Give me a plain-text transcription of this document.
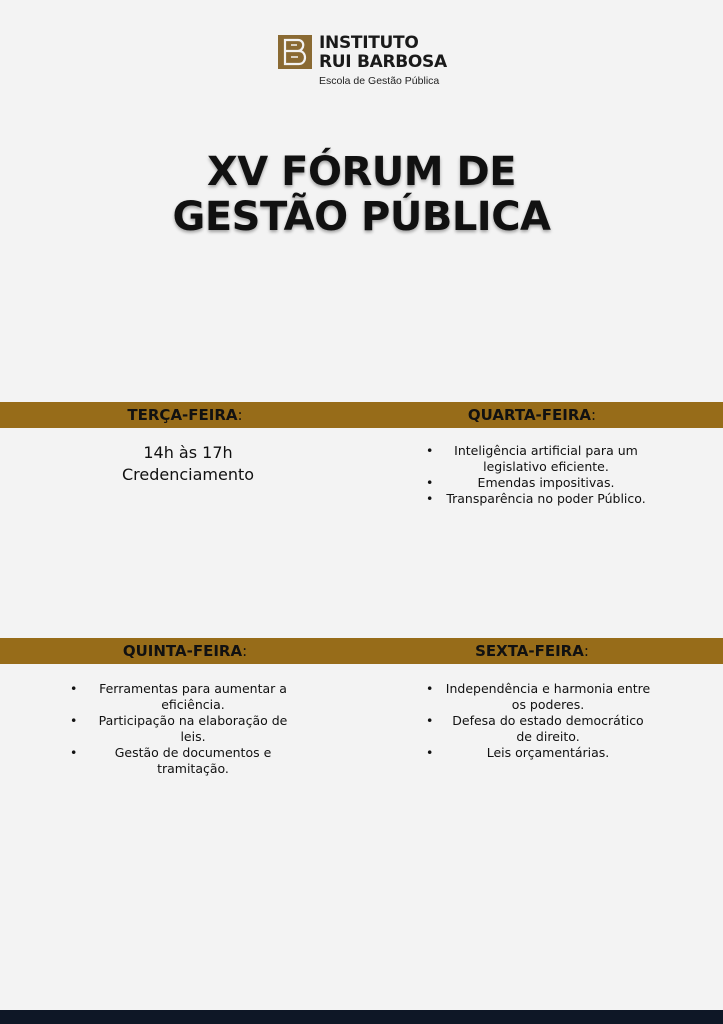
INSTITUTO
RUI BARBOSA
Escola de Gestão Pública
XV FÓRUM DE
GESTÃO PÚBLICA
TERÇA-FEIRA:	QUARTA-FEIRA:
14h às 17h
Credenciamento
• Inteligência artificial para um legislativo eficiente.
• Emendas impositivas.
• Transparência no poder Público.
QUINTA-FEIRA:	SEXTA-FEIRA:
• Ferramentas para aumentar a eficiência.
• Participação na elaboração de leis.
• Gestão de documentos e tramitação.
• Independência e harmonia entre os poderes.
• Defesa do estado democrático de direito.
• Leis orçamentárias.
